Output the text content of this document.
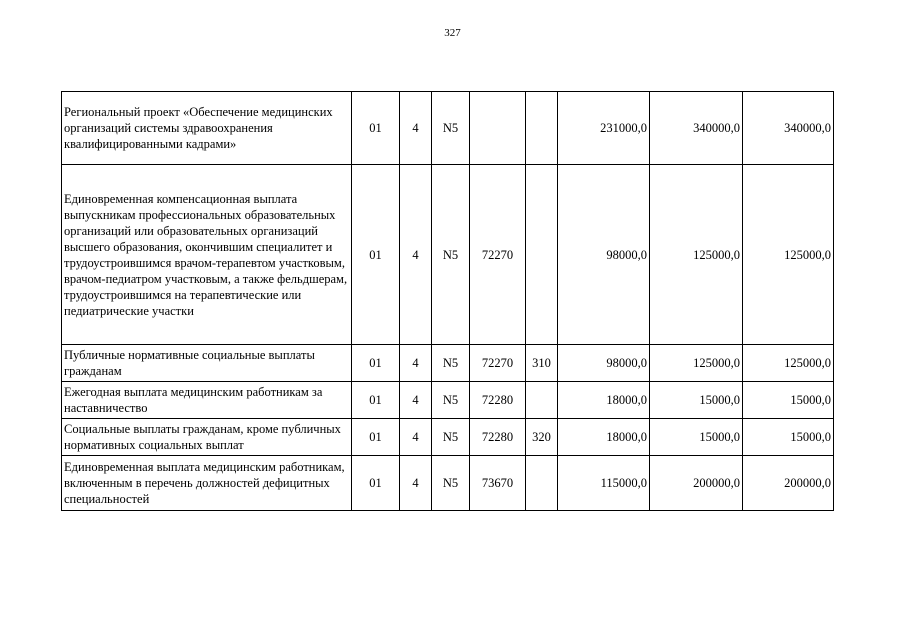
327
Региональный проект «Обеспечение медицинских организаций системы здравоохранения квалифицированными кадрами»	01	4	N5			231000,0	340000,0	340000,0
Единовременная компенсационная выплата выпускникам профессиональных образовательных организаций или образовательных организаций высшего образования, окончившим специалитет и трудоустроившимся врачом-терапевтом участковым, врачом-педиатром участковым, а также фельдшерам, трудоустроившимся на терапевтические или педиатрические участки	01	4	N5	72270		98000,0	125000,0	125000,0
Публичные нормативные социальные выплаты гражданам	01	4	N5	72270	310	98000,0	125000,0	125000,0
Ежегодная выплата медицинским работникам за наставничество	01	4	N5	72280		18000,0	15000,0	15000,0
Социальные выплаты гражданам, кроме публичных нормативных социальных выплат	01	4	N5	72280	320	18000,0	15000,0	15000,0
Единовременная выплата медицинским работникам, включенным в перечень должностей дефицитных специальностей	01	4	N5	73670		115000,0	200000,0	200000,0
